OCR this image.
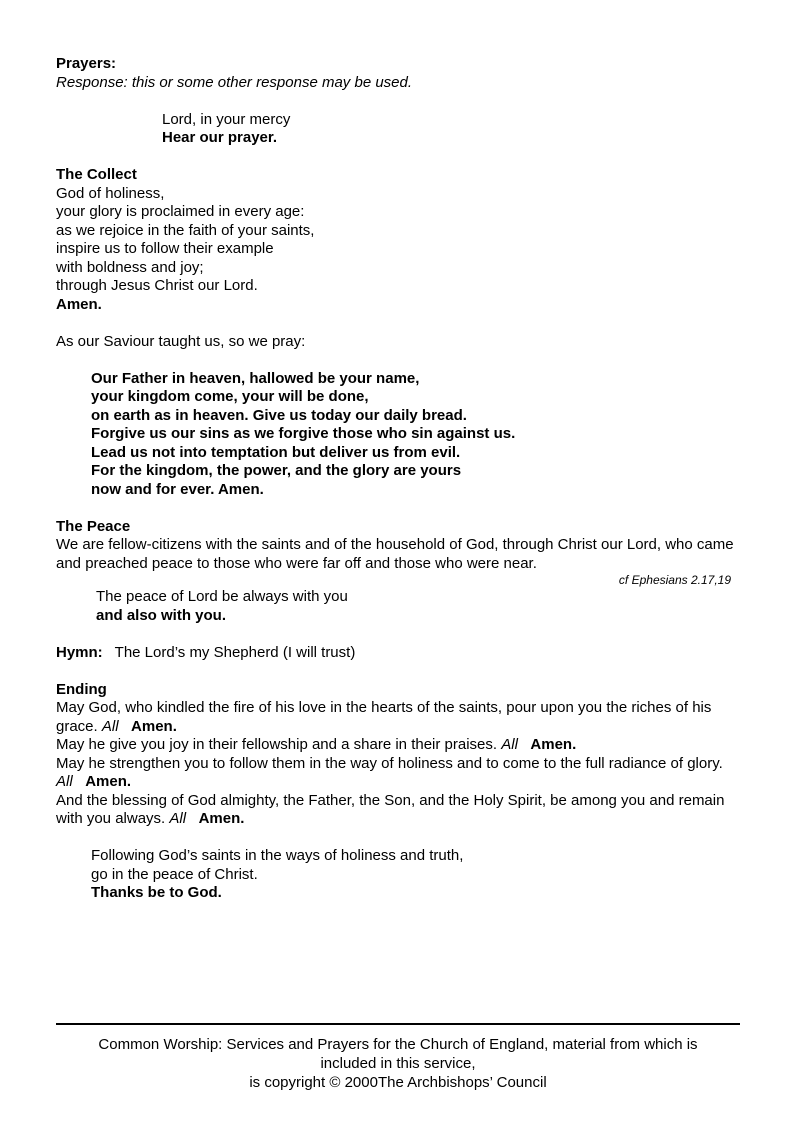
Prayers:
Response: this or some other response may be used.
Lord, in your mercy
Hear our prayer.
The Collect
God of holiness,
your glory is proclaimed in every age:
as we rejoice in the faith of your saints,
inspire us to follow their example
with boldness and joy;
through Jesus Christ our Lord.
Amen.
As our Saviour taught us, so we pray:
Our Father in heaven, hallowed be your name,
your kingdom come, your will be done,
on earth as in heaven. Give us today our daily bread.
Forgive us our sins as we forgive those who sin against us.
Lead us not into temptation but deliver us from evil.
For the kingdom, the power, and the glory are yours
now and for ever. Amen.
The Peace
We are fellow-citizens with the saints and of the household of God, through Christ our Lord, who came and preached peace to those who were far off and those who were near.
cf Ephesians 2.17,19
The peace of Lord be always with you
and also with you.
Hymn: The Lord’s my Shepherd (I will trust)
Ending
May God, who kindled the fire of his love in the hearts of the saints, pour upon you the riches of his grace. All Amen.
May he give you joy in their fellowship and a share in their praises. All Amen.
May he strengthen you to follow them in the way of holiness and to come to the full radiance of glory. All Amen.
And the blessing of God almighty, the Father, the Son, and the Holy Spirit, be among you and remain with you always. All Amen.
Following God’s saints in the ways of holiness and truth,
go in the peace of Christ.
Thanks be to God.
Common Worship: Services and Prayers for the Church of England, material from which is
included in this service,
is copyright © 2000The Archbishops’ Council
